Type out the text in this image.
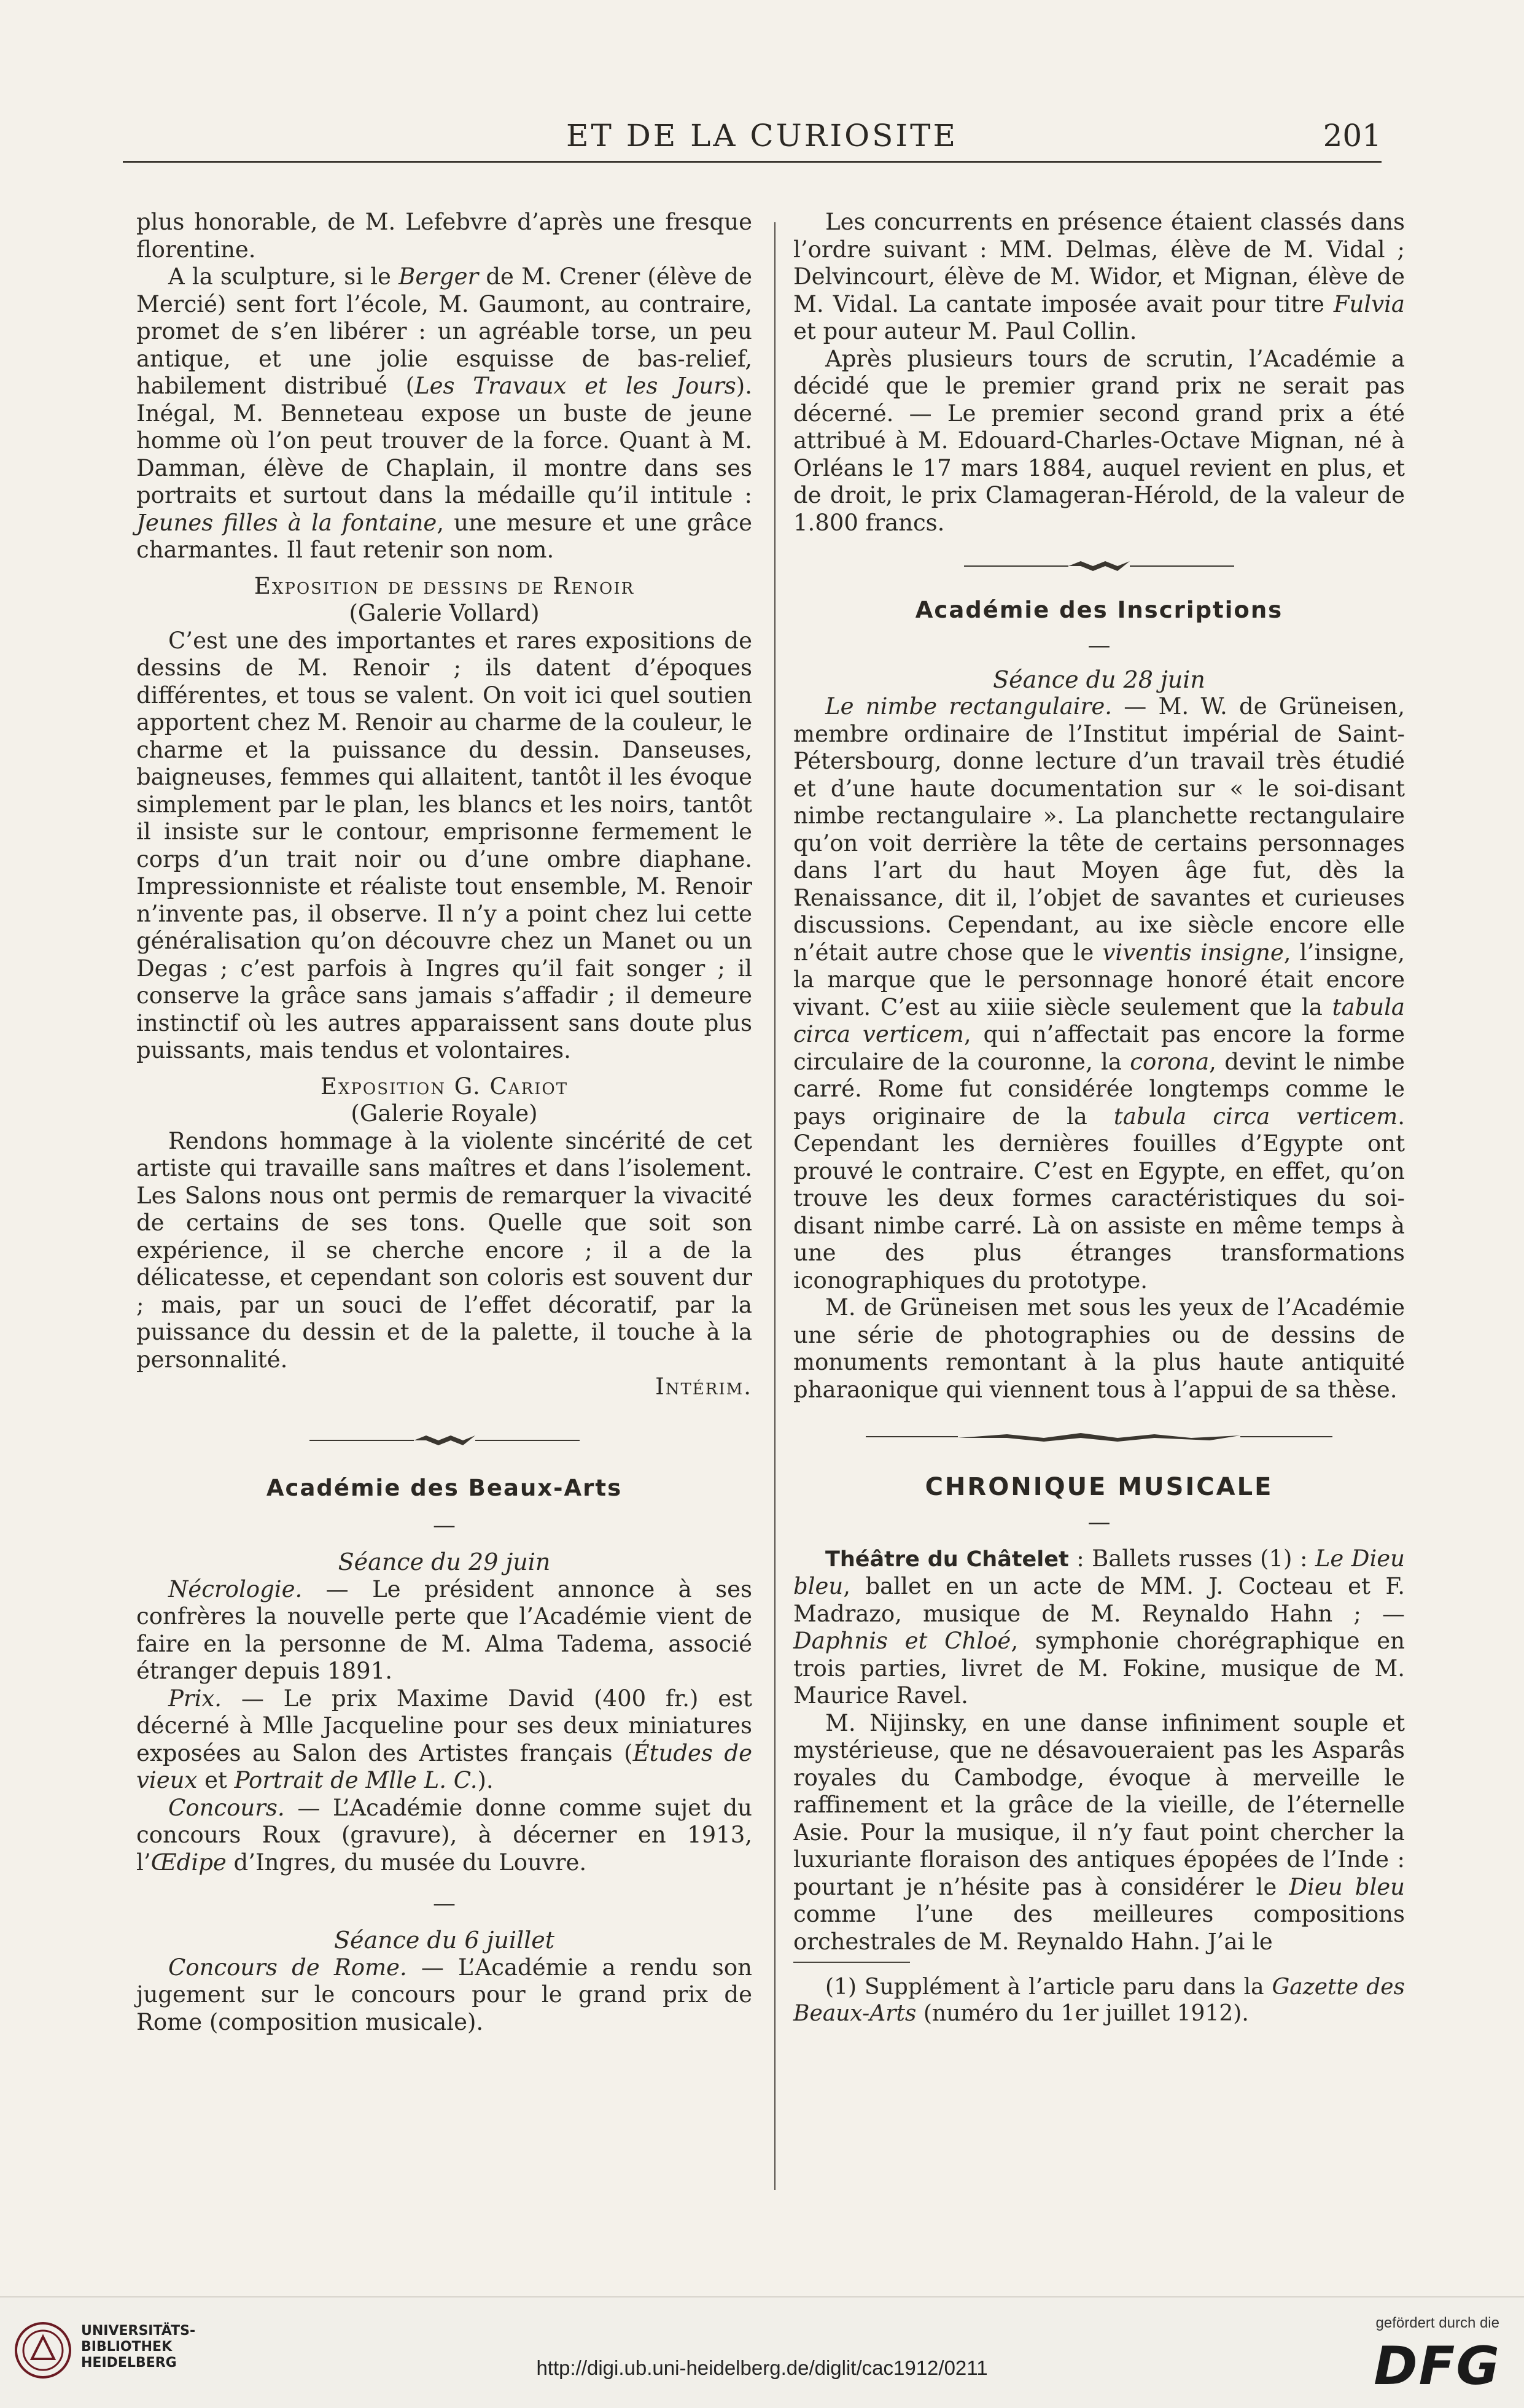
ET DE LA CURIOSITE	201

plus honorable, de M. Lefebvre d’après une fresque florentine.

A la sculpture, si le Berger de M. Crener (élève de Mercié) sent fort l’école, M. Gaumont, au contraire, promet de s’en libérer : un agréable torse, un peu antique, et une jolie esquisse de bas-relief, habilement distribué (Les Travaux et les Jours). Inégal, M. Benneteau expose un buste de jeune homme où l’on peut trouver de la force. Quant à M. Damman, élève de Chaplain, il montre dans ses portraits et surtout dans la médaille qu’il intitule : Jeunes filles à la fontaine, une mesure et une grâce charmantes. Il faut retenir son nom.

Exposition de dessins de Renoir
(Galerie Vollard)

C’est une des importantes et rares expositions de dessins de M. Renoir ; ils datent d’époques différentes, et tous se valent. On voit ici quel soutien apportent chez M. Renoir au charme de la couleur, le charme et la puissance du dessin. Danseuses, baigneuses, femmes qui allaitent, tantôt il les évoque simplement par le plan, les blancs et les noirs, tantôt il insiste sur le contour, emprisonne fermement le corps d’un trait noir ou d’une ombre diaphane. Impressionniste et réaliste tout ensemble, M. Renoir n’invente pas, il observe. Il n’y a point chez lui cette généralisation qu’on découvre chez un Manet ou un Degas ; c’est parfois à Ingres qu’il fait songer ; il conserve la grâce sans jamais s’affadir ; il demeure instinctif où les autres apparaissent sans doute plus puissants, mais tendus et volontaires.

Exposition G. Cariot
(Galerie Royale)

Rendons hommage à la violente sincérité de cet artiste qui travaille sans maîtres et dans l’isolement. Les Salons nous ont permis de remarquer la vivacité de certains de ses tons. Quelle que soit son expérience, il se cherche encore ; il a de la délicatesse, et cependant son coloris est souvent dur ; mais, par un souci de l’effet décoratif, par la puissance du dessin et de la palette, il touche à la personnalité.

Intérim.
Académie des Beaux-Arts
—
Séance du 29 juin

Nécrologie. — Le président annonce à ses confrères la nouvelle perte que l’Académie vient de faire en la personne de M. Alma Tadema, associé étranger depuis 1891.

Prix. — Le prix Maxime David (400 fr.) est décerné à Mlle Jacqueline pour ses deux miniatures exposées au Salon des Artistes français (Études de vieux et Portrait de Mlle L. C.).

Concours. — L’Académie donne comme sujet du concours Roux (gravure), à décerner en 1913, l’Œdipe d’Ingres, du musée du Louvre.

—
Séance du 6 juillet

Concours de Rome. — L’Académie a rendu son jugement sur le concours pour le grand prix de Rome (composition musicale).

Les concurrents en présence étaient classés dans l’ordre suivant : MM. Delmas, élève de M. Vidal ; Delvincourt, élève de M. Widor, et Mignan, élève de M. Vidal. La cantate imposée avait pour titre Fulvia et pour auteur M. Paul Collin.

Après plusieurs tours de scrutin, l’Académie a décidé que le premier grand prix ne serait pas décerné. — Le premier second grand prix a été attribué à M. Edouard-Charles-Octave Mignan, né à Orléans le 17 mars 1884, auquel revient en plus, et de droit, le prix Clamageran-Hérold, de la valeur de 1.800 francs.

Académie des Inscriptions
—
Séance du 28 juin

Le nimbe rectangulaire. — M. W. de Grüneisen, membre ordinaire de l’Institut impérial de Saint-Pétersbourg, donne lecture d’un travail très étudié et d’une haute documentation sur « le soi-disant nimbe rectangulaire ». La planchette rectangulaire qu’on voit derrière la tête de certains personnages dans l’art du haut Moyen âge fut, dès la Renaissance, dit il, l’objet de savantes et curieuses discussions. Cependant, au ixe siècle encore elle n’était autre chose que le viventis insigne, l’insigne, la marque que le personnage honoré était encore vivant. C’est au xiiie siècle seulement que la tabula circa verticem, qui n’affectait pas encore la forme circulaire de la couronne, la corona, devint le nimbe carré. Rome fut considérée longtemps comme le pays originaire de la tabula circa verticem. Cependant les dernières fouilles d’Egypte ont prouvé le contraire. C’est en Egypte, en effet, qu’on trouve les deux formes caractéristiques du soi-disant nimbe carré. Là on assiste en même temps à une des plus étranges transformations iconographiques du prototype.

M. de Grüneisen met sous les yeux de l’Académie une série de photographies ou de dessins de monuments remontant à la plus haute antiquité pharaonique qui viennent tous à l’appui de sa thèse.

CHRONIQUE MUSICALE
—

Théâtre du Châtelet : Ballets russes (1) : Le Dieu bleu, ballet en un acte de MM. J. Cocteau et F. Madrazo, musique de M. Reynaldo Hahn ; — Daphnis et Chloé, symphonie chorégraphique en trois parties, livret de M. Fokine, musique de M. Maurice Ravel.

M. Nijinsky, en une danse infiniment souple et mystérieuse, que ne désavoueraient pas les Asparâs royales du Cambodge, évoque à merveille le raffinement et la grâce de la vieille, de l’éternelle Asie. Pour la musique, il n’y faut point chercher la luxuriante floraison des antiques épopées de l’Inde : pourtant je n’hésite pas à considérer le Dieu bleu comme l’une des meilleures compositions orchestrales de M. Reynaldo Hahn. J’ai le

(1) Supplément à l’article paru dans la Gazette des Beaux-Arts (numéro du 1er juillet 1912).

UNIVERSITÄTS-BIBLIOTHEK HEIDELBERG	http://digi.ub.uni-heidelberg.de/diglit/cac1912/0211
gefördert durch die
DFG
